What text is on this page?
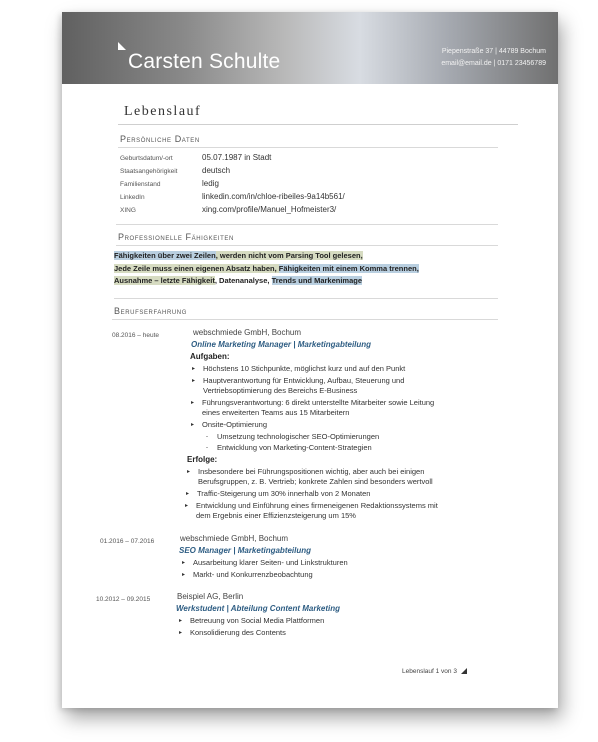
Carsten Schulte	Piepenstraße 37 | 44789 Bochum
email@email.de | 0171 23456789
Lebenslauf
Persönliche Daten
Geburtsdatum/-ort	05.07.1987 in Stadt
Staatsangehörigkeit	deutsch
Familienstand	ledig
LinkedIn	linkedin.com/in/chloe-ribeiles-9a14b561/
XING	xing.com/profile/Manuel_Hofmeister3/
Professionelle Fähigkeiten
Fähigkeiten über zwei Zeilen, werden nicht vom Parsing Tool gelesen,
Jede Zeile muss einen eigenen Absatz haben, Fähigkeiten mit einem Komma trennen,
Ausnahme – letzte Fähigkeit, Datenanalyse, Trends und Markenimage
Berufserfahrung
08.2016 – heute	webschmiede GmbH, Bochum
Online Marketing Manager | Marketingabteilung
Aufgaben:
▸ Höchstens 10 Stichpunkte, möglichst kurz und auf den Punkt
▸ Hauptverantwortung für Entwicklung, Aufbau, Steuerung und
Vertriebsoptimierung des Bereichs E-Business
▸ Führungsverantwortung: 6 direkt unterstellte Mitarbeiter sowie Leitung
eines erweiterten Teams aus 15 Mitarbeitern
▸ Onsite-Optimierung
- Umsetzung technologischer SEO-Optimierungen
- Entwicklung von Marketing-Content-Strategien
Erfolge:
▸ Insbesondere bei Führungspositionen wichtig, aber auch bei einigen
Berufsgruppen, z. B. Vertrieb; konkrete Zahlen sind besonders wertvoll
▸ Traffic-Steigerung um 30% innerhalb von 2 Monaten
▸ Entwicklung und Einführung eines firmeneigenen Redaktionssystems mit
dem Ergebnis einer Effizienzsteigerung um 15%
01.2016 – 07.2016	webschmiede GmbH, Bochum
SEO Manager | Marketingabteilung
▸ Ausarbeitung klarer Seiten- und Linkstrukturen
▸ Markt- und Konkurrenzbeobachtung
10.2012 – 09.2015	Beispiel AG, Berlin
Werkstudent | Abteilung Content Marketing
▸ Betreuung von Social Media Plattformen
▸ Konsolidierung des Contents
Lebenslauf 1 von 3
